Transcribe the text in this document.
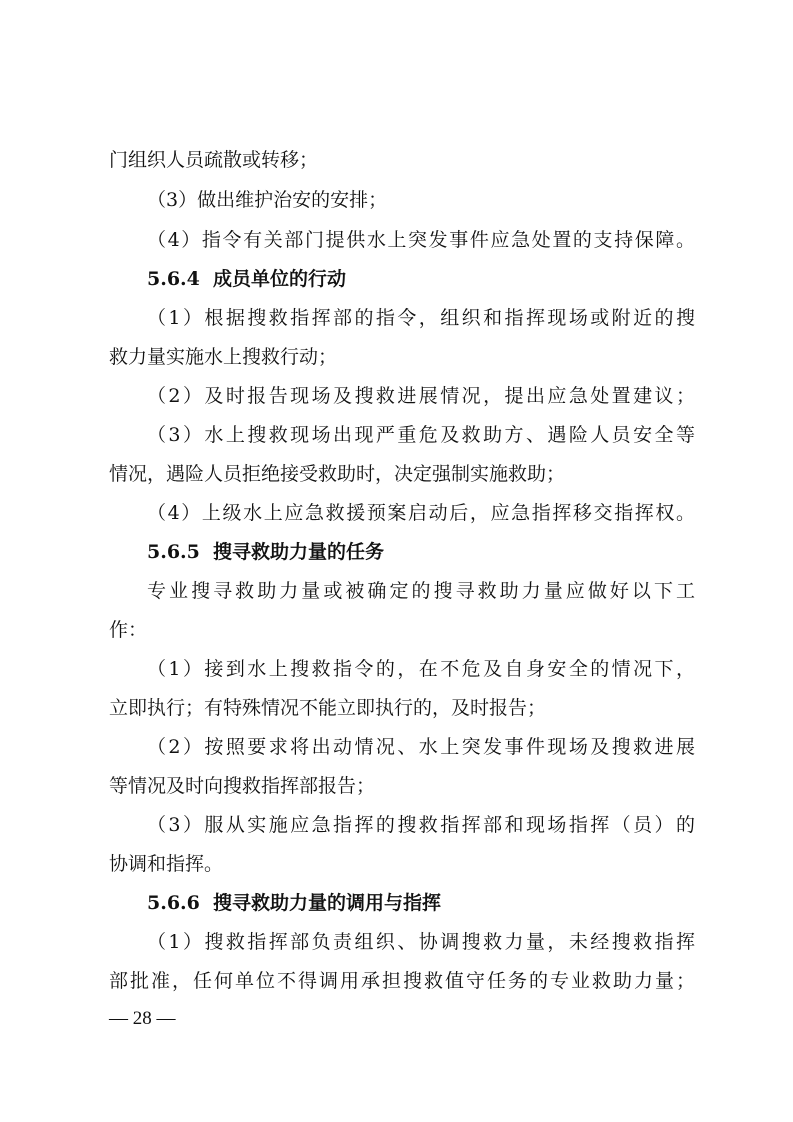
门组织人员疏散或转移；
（3）做出维护治安的安排；
（4）指令有关部门提供水上突发事件应急处置的支持保障。
5.6.4 成员单位的行动
（1）根据搜救指挥部的指令，组织和指挥现场或附近的搜
救力量实施水上搜救行动；
（2）及时报告现场及搜救进展情况，提出应急处置建议；
（3）水上搜救现场出现严重危及救助方、遇险人员安全等
情况，遇险人员拒绝接受救助时，决定强制实施救助；
（4）上级水上应急救援预案启动后，应急指挥移交指挥权。
5.6.5 搜寻救助力量的任务
专业搜寻救助力量或被确定的搜寻救助力量应做好以下工
作：
（1）接到水上搜救指令的，在不危及自身安全的情况下，
立即执行；有特殊情况不能立即执行的，及时报告；
（2）按照要求将出动情况、水上突发事件现场及搜救进展
等情况及时向搜救指挥部报告；
（3）服从实施应急指挥的搜救指挥部和现场指挥（员）的
协调和指挥。
5.6.6 搜寻救助力量的调用与指挥
（1）搜救指挥部负责组织、协调搜救力量，未经搜救指挥
部批准，任何单位不得调用承担搜救值守任务的专业救助力量；
— 28 —
